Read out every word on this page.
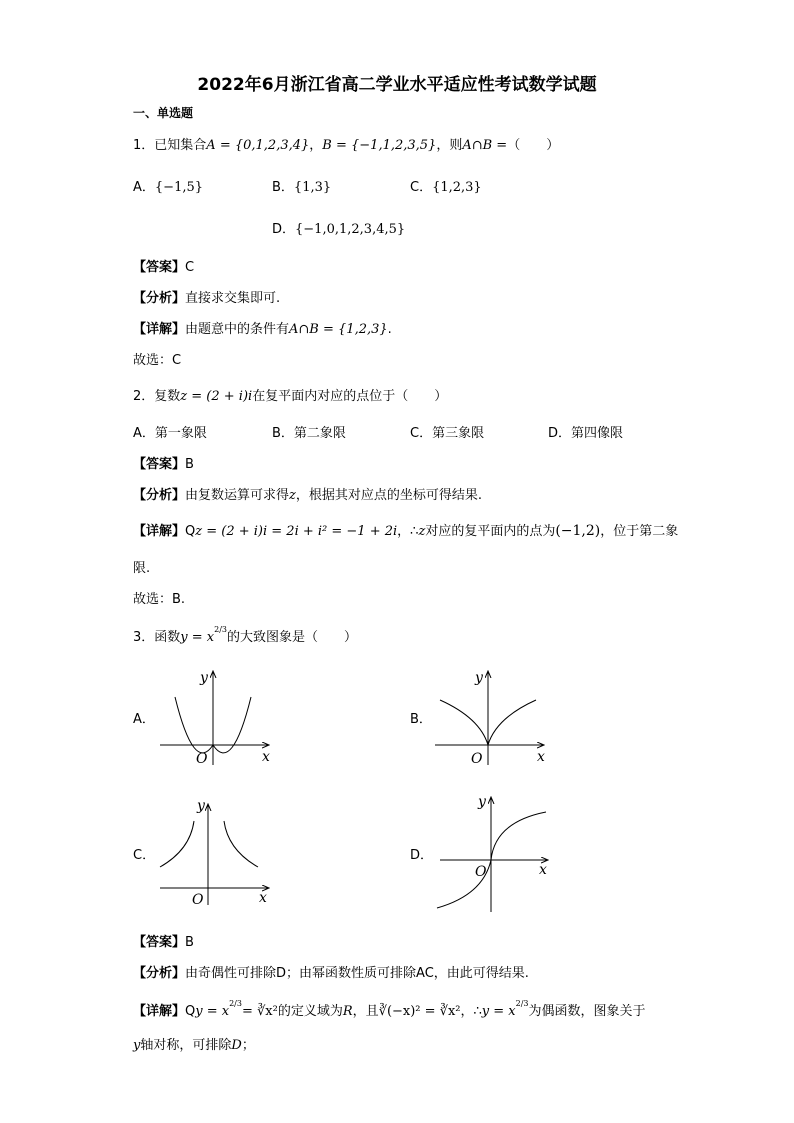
2022年6月浙江省高二学业水平适应性考试数学试题
一、单选题
1．已知集合A = {0,1,2,3,4}，B = {−1,1,2,3,5}，则A∩B =（　　）
A．{−1,5}	B．{1,3}	C．{1,2,3}
D．{−1,0,1,2,3,4,5}
【答案】C
【分析】直接求交集即可.
【详解】由题意中的条件有A∩B = {1,2,3}.
故选：C
2．复数z = (2 + i)i在复平面内对应的点位于（　　）
A．第一象限	B．第二象限	C．第三象限	D．第四像限
【答案】B
【分析】由复数运算可求得z，根据其对应点的坐标可得结果.
【详解】Qz = (2 + i)i = 2i + i² = −1 + 2i，∴z对应的复平面内的点为(−1,2)，位于第二象
限.
故选：B.
3．函数$y = x^{2/3}$的大致图象是（　　）
A．	B．
C．	D．
y
x
O
y
x
O
y
x
O
y
x
O
【答案】B
【分析】由奇偶性可排除D；由幂函数性质可排除AC，由此可得结果.
【详解】$Qy = x^{2/3}=$ ∛x²的定义域为R，且∛(−x)² = ∛x²，∴y = $x^{2/3}$为偶函数，图象关于
y轴对称，可排除D；
